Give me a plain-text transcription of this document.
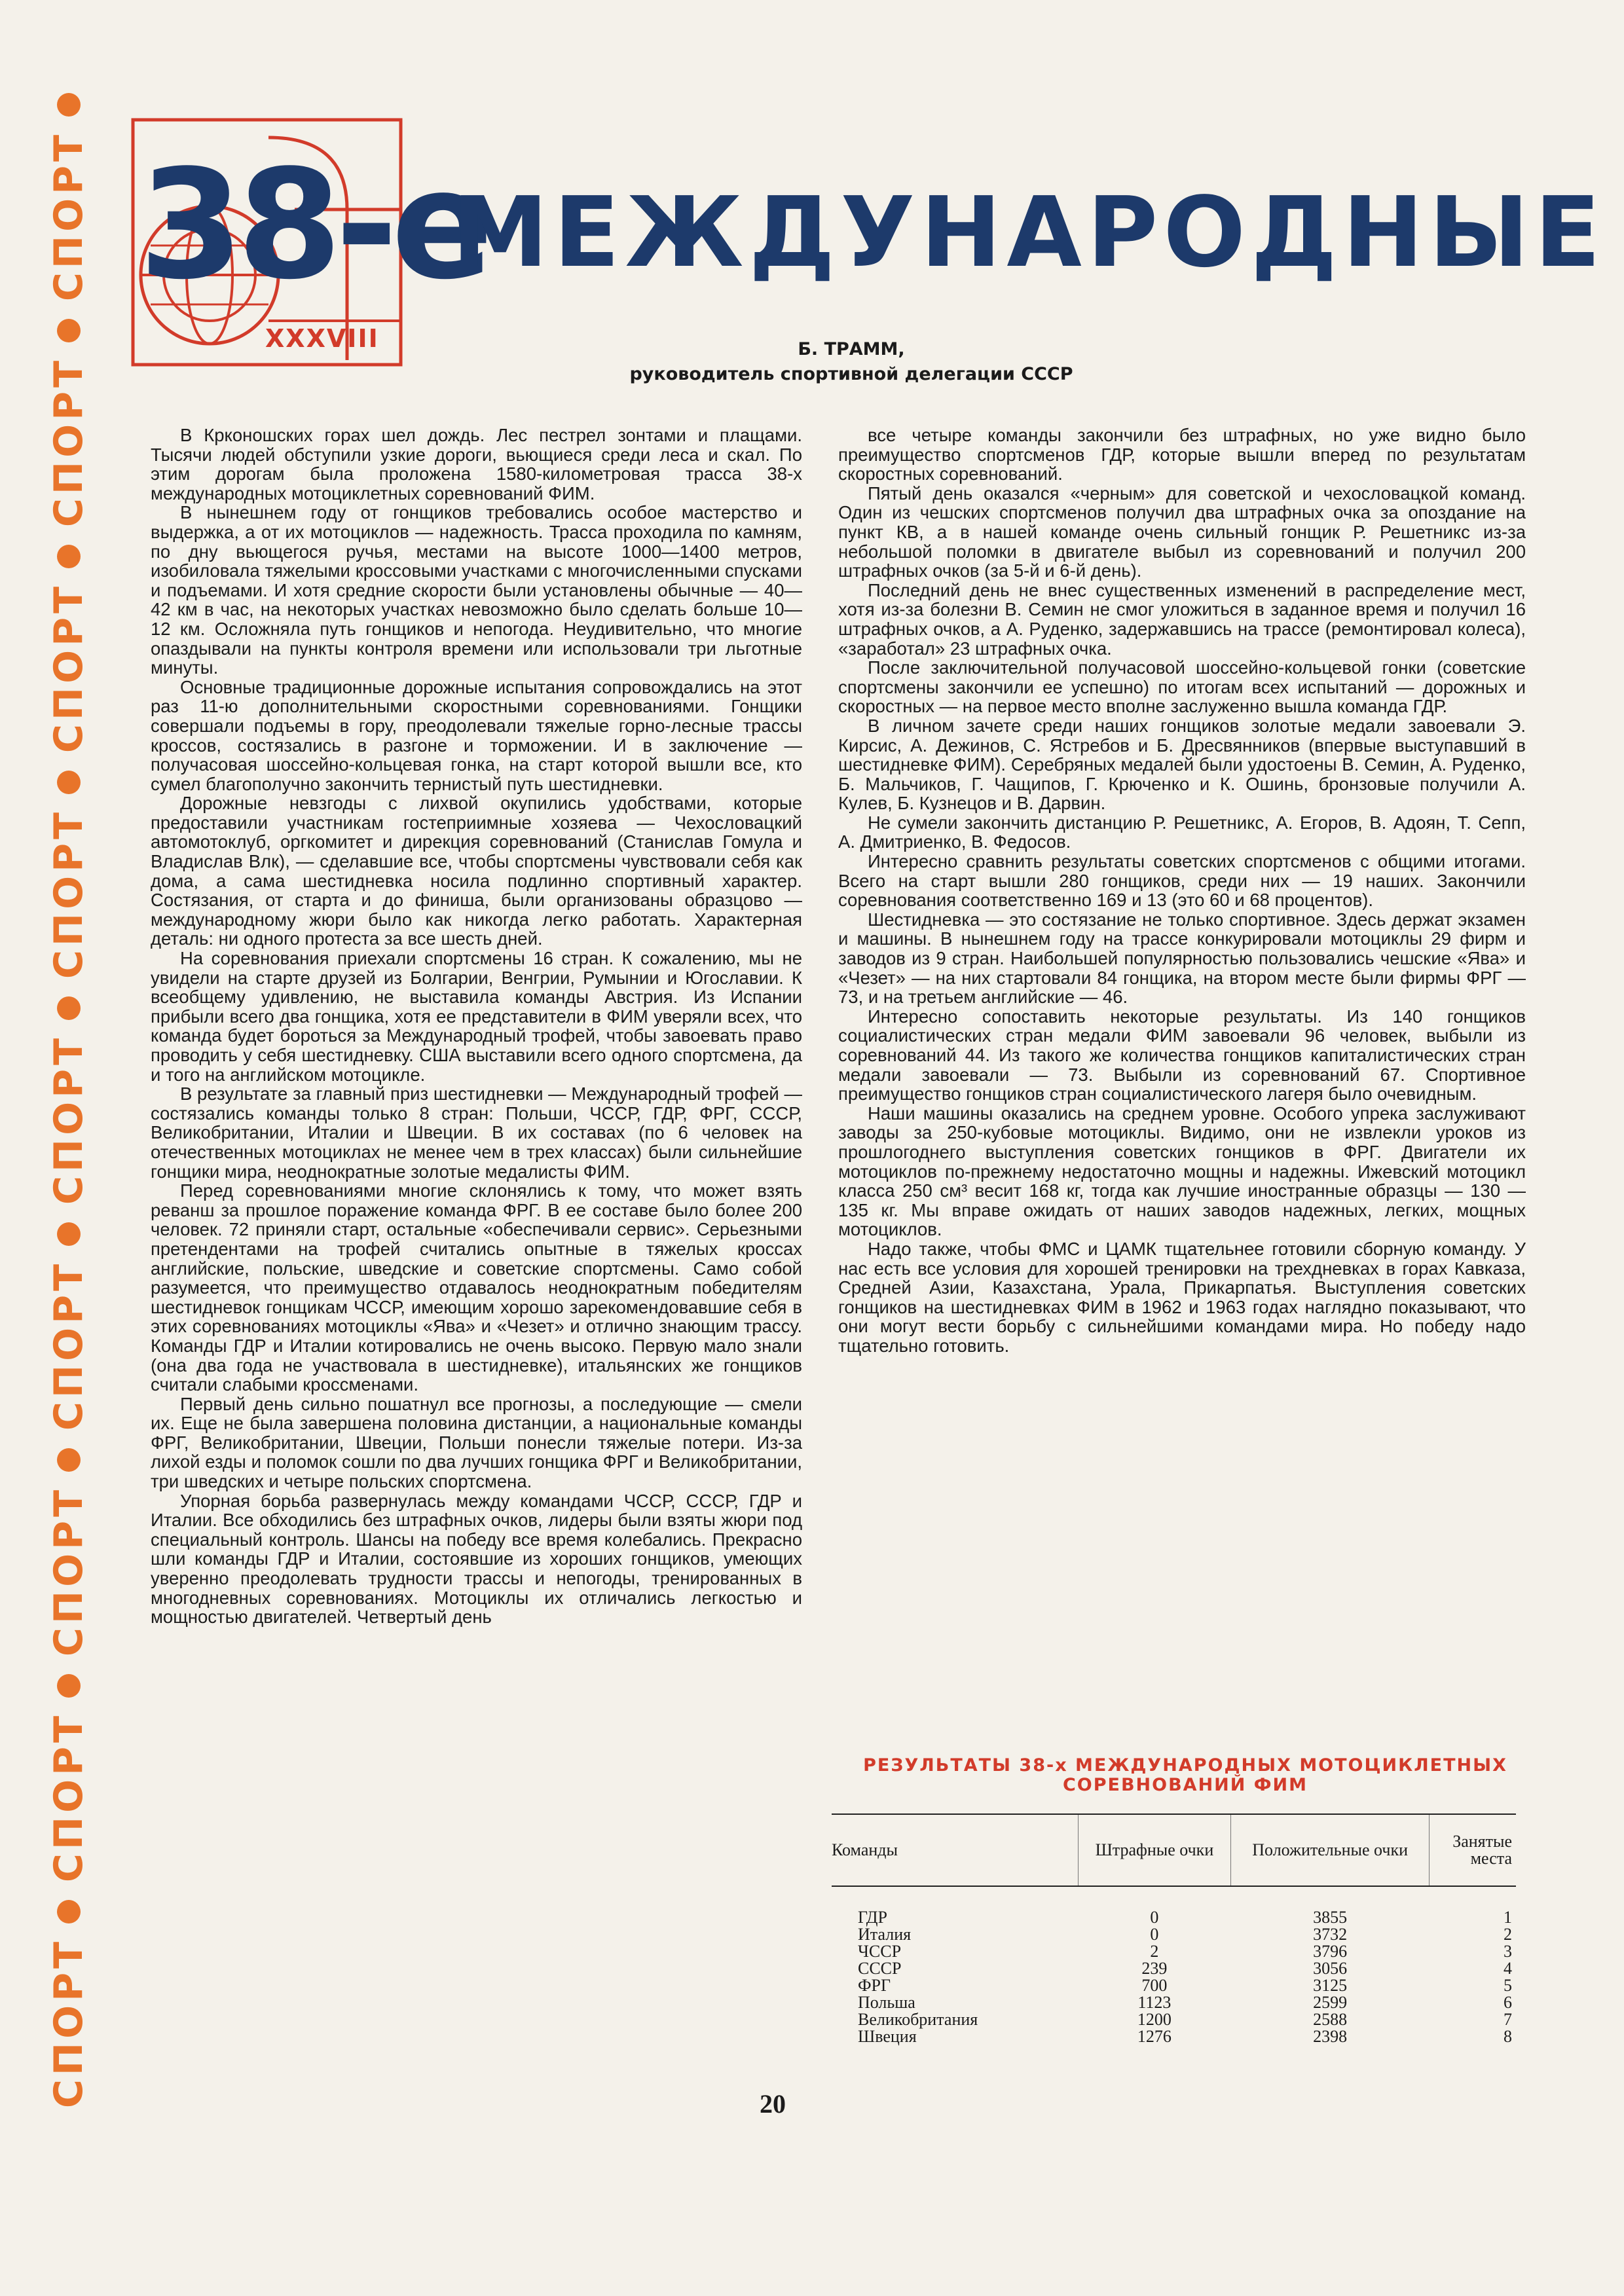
СПОРТ
СПОРТ
СПОРТ
СПОРТ
СПОРТ
СПОРТ
СПОРТ
СПОРТ
СПОРТ
38-е
XXXVIII
МЕЖДУНАРОДНЫЕ
Б. ТРАММ,
руководитель спортивной делегации СССР

В Крконошских горах шел дождь. Лес пестрел зонтами и плащами. Тысячи людей обступили узкие дороги, вьющиеся среди леса и скал. По этим дорогам была проложена 1580-километровая трасса 38-х международных мотоциклетных соревнований ФИМ.

В нынешнем году от гонщиков требовались особое мастерство и выдержка, а от их мотоциклов — надежность. Трасса проходила по камням, по дну вьющегося ручья, местами на высоте 1000—1400 метров, изобиловала тяжелыми кроссовыми участками с многочисленными спусками и подъемами. И хотя средние скорости были установлены обычные — 40—42 км в час, на некоторых участках невозможно было сделать больше 10—12 км. Осложняла путь гонщиков и непогода. Неудивительно, что многие опаздывали на пункты контроля времени или использовали три льготные минуты.

Основные традиционные дорожные испытания сопровождались на этот раз 11-ю дополнительными скоростными соревнованиями. Гонщики совершали подъемы в гору, преодолевали тяжелые горно-лесные трассы кроссов, состязались в разгоне и торможении. И в заключение — получасовая шоссейно-кольцевая гонка, на старт которой вышли все, кто сумел благополучно закончить тернистый путь шестидневки.

Дорожные невзгоды с лихвой окупились удобствами, которые предоставили участникам гостеприимные хозяева — Чехословацкий автомотоклуб, оргкомитет и дирекция соревнований (Станислав Гомула и Владислав Влк), — сделавшие все, чтобы спортсмены чувствовали себя как дома, а сама шестидневка носила подлинно спортивный характер. Состязания, от старта и до финиша, были организованы образцово — международному жюри было как никогда легко работать. Характерная деталь: ни одного протеста за все шесть дней.

На соревнования приехали спортсмены 16 стран. К сожалению, мы не увидели на старте друзей из Болгарии, Венгрии, Румынии и Югославии. К всеобщему удивлению, не выставила команды Австрия. Из Испании прибыли всего два гонщика, хотя ее представители в ФИМ уверяли всех, что команда будет бороться за Международный трофей, чтобы завоевать право проводить у себя шестидневку. США выставили всего одного спортсмена, да и того на английском мотоцикле.

В результате за главный приз шестидневки — Международный трофей — состязались команды только 8 стран: Польши, ЧССР, ГДР, ФРГ, СССР, Великобритании, Италии и Швеции. В их составах (по 6 человек на отечественных мотоциклах не менее чем в трех классах) были сильнейшие гонщики мира, неоднократные золотые медалисты ФИМ.

Перед соревнованиями многие склонялись к тому, что может взять реванш за прошлое поражение команда ФРГ. В ее составе было более 200 человек. 72 приняли старт, остальные «обеспечивали сервис». Серьезными претендентами на трофей считались опытные в тяжелых кроссах английские, польские, шведские и советские спортсмены. Само собой разумеется, что преимущество отдавалось неоднократным победителям шестидневок гонщикам ЧССР, имеющим хорошо зарекомендовавшие себя в этих соревнованиях мотоциклы «Ява» и «Чезет» и отлично знающим трассу. Команды ГДР и Италии котировались не очень высоко. Первую мало знали (она два года не участвовала в шестидневке), итальянских же гонщиков считали слабыми кроссменами.

Первый день сильно пошатнул все прогнозы, а последующие — смели их. Еще не была завершена половина дистанции, а национальные команды ФРГ, Великобритании, Швеции, Польши понесли тяжелые потери. Из-за лихой езды и поломок сошли по два лучших гонщика ФРГ и Великобритании, три шведских и четыре польских спортсмена.

Упорная борьба развернулась между командами ЧССР, СССР, ГДР и Италии. Все обходились без штрафных очков, лидеры были взяты жюри под специальный контроль. Шансы на победу все время колебались. Прекрасно шли команды ГДР и Италии, состоявшие из хороших гонщиков, умеющих уверенно преодолевать трудности трассы и непогоды, тренированных в многодневных соревнованиях. Мотоциклы их отличались легкостью и мощностью двигателей. Четвертый день

все четыре команды закончили без штрафных, но уже видно было преимущество спортсменов ГДР, которые вышли вперед по результатам скоростных соревнований.

Пятый день оказался «черным» для советской и чехословацкой команд. Один из чешских спортсменов получил два штрафных очка за опоздание на пункт КВ, а в нашей команде очень сильный гонщик Р. Решетникс из-за небольшой поломки в двигателе выбыл из соревнований и получил 200 штрафных очков (за 5-й и 6-й день).

Последний день не внес существенных изменений в распределение мест, хотя из-за болезни В. Семин не смог уложиться в заданное время и получил 16 штрафных очков, а А. Руденко, задержавшись на трассе (ремонтировал колеса), «заработал» 23 штрафных очка.

После заключительной получасовой шоссейно-кольцевой гонки (советские спортсмены закончили ее успешно) по итогам всех испытаний — дорожных и скоростных — на первое место вполне заслуженно вышла команда ГДР.

В личном зачете среди наших гонщиков золотые медали завоевали Э. Кирсис, А. Дежинов, С. Ястребов и Б. Дресвянников (впервые выступавший в шестидневке ФИМ). Серебряных медалей были удостоены В. Семин, А. Руденко, Б. Мальчиков, Г. Чащипов, Г. Крюченко и К. Ошинь, бронзовые получили А. Кулев, Б. Кузнецов и В. Дарвин.

Не сумели закончить дистанцию Р. Решетникс, А. Егоров, В. Адоян, Т. Сепп, А. Дмитриенко, В. Федосов.

Интересно сравнить результаты советских спортсменов с общими итогами. Всего на старт вышли 280 гонщиков, среди них — 19 наших. Закончили соревнования соответственно 169 и 13 (это 60 и 68 процентов).

Шестидневка — это состязание не только спортивное. Здесь держат экзамен и машины. В нынешнем году на трассе конкурировали мотоциклы 29 фирм и заводов из 9 стран. Наибольшей популярностью пользовались чешские «Ява» и «Чезет» — на них стартовали 84 гонщика, на втором месте были фирмы ФРГ — 73, и на третьем английские — 46.

Интересно сопоставить некоторые результаты. Из 140 гонщиков социалистических стран медали ФИМ завоевали 96 человек, выбыли из соревнований 44. Из такого же количества гонщиков капиталистических стран медали завоевали — 73. Выбыли из соревнований 67. Спортивное преимущество гонщиков стран социалистического лагеря было очевидным.

Наши машины оказались на среднем уровне. Особого упрека заслуживают заводы за 250-кубовые мотоциклы. Видимо, они не извлекли уроков из прошлогоднего выступления советских гонщиков в ФРГ. Двигатели их мотоциклов по-прежнему недостаточно мощны и надежны. Ижевский мотоцикл класса 250 см³ весит 168 кг, тогда как лучшие иностранные образцы — 130 — 135 кг. Мы вправе ожидать от наших заводов надежных, легких, мощных мотоциклов.

Надо также, чтобы ФМС и ЦАМК тщательнее готовили сборную команду. У нас есть все условия для хорошей тренировки на трехдневках в горах Кавказа, Средней Азии, Казахстана, Урала, Прикарпатья. Выступления советских гонщиков на шестидневках ФИМ в 1962 и 1963 годах наглядно показывают, что они могут вести борьбу с сильнейшими командами мира. Но победу надо тщательно готовить.

РЕЗУЛЬТАТЫ 38-х МЕЖДУНАРОДНЫХ МОТОЦИКЛЕТНЫХ СОРЕВНОВАНИЙ ФИМ
Команды	Штрафные очки	Положительные очки	Занятые места
ГДР	0	3855	1
Италия	0	3732	2
ЧССР	2	3796	3
СССР	239	3056	4
ФРГ	700	3125	5
Польша	1123	2599	6
Великобритания	1200	2588	7
Швеция	1276	2398	8
20
